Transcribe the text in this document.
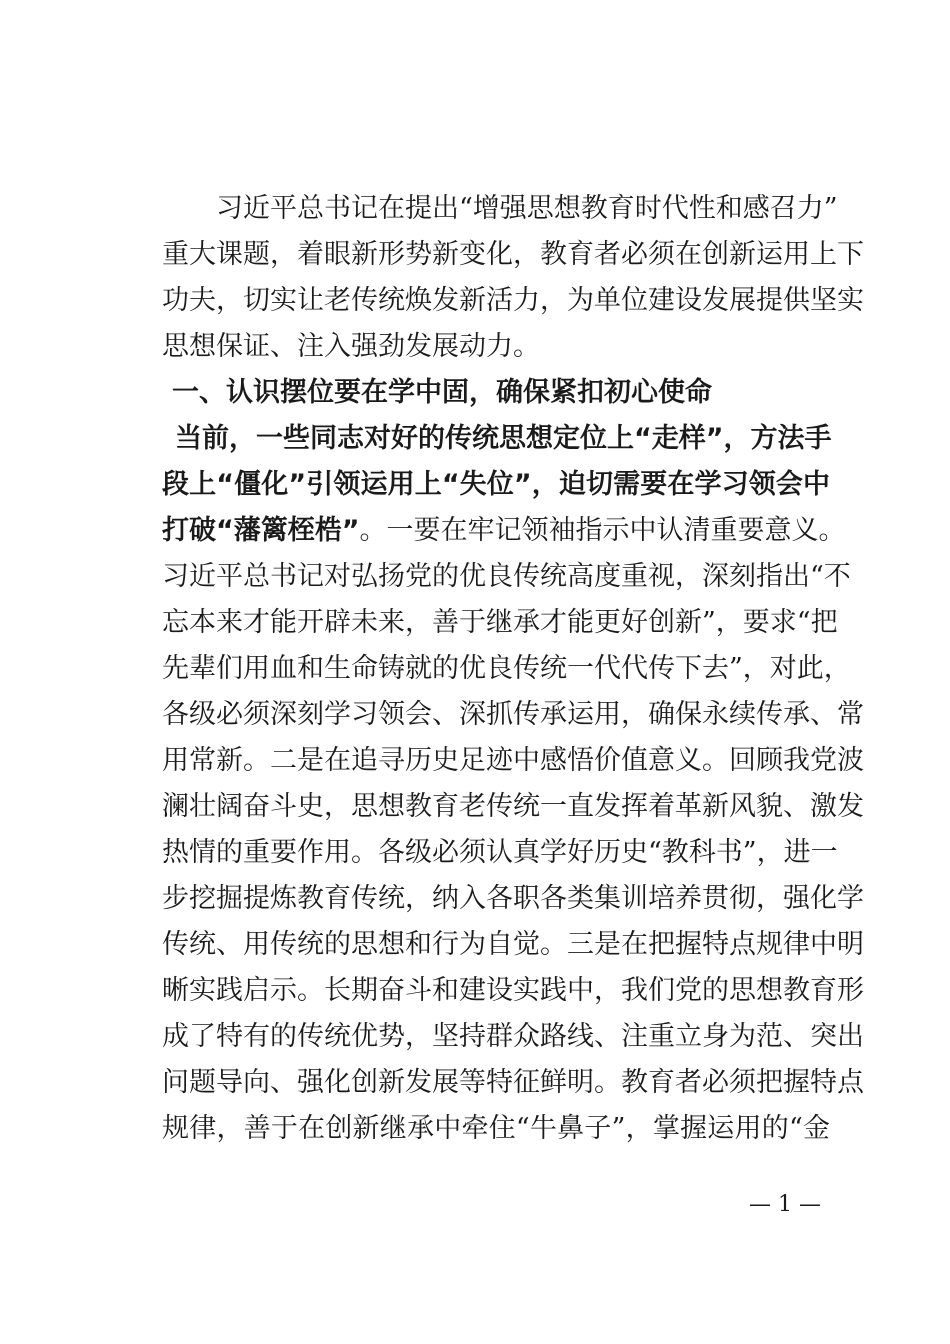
习近平总书记在提出“增强思想教育时代性和感召力”
重大课题，着眼新形势新变化，教育者必须在创新运用上下
功夫，切实让老传统焕发新活力，为单位建设发展提供坚实
思想保证、注入强劲发展动力。
一、认识摆位要在学中固，确保紧扣初心使命
当前，一些同志对好的传统思想定位上“走样”，方法手
段上“僵化”引领运用上“失位”，迫切需要在学习领会中
打破“藩篱桎梏”。一要在牢记领袖指示中认清重要意义。
习近平总书记对弘扬党的优良传统高度重视，深刻指出“不
忘本来才能开辟未来，善于继承才能更好创新”，要求“把
先辈们用血和生命铸就的优良传统一代代传下去”，对此，
各级必须深刻学习领会、深抓传承运用，确保永续传承、常
用常新。二是在追寻历史足迹中感悟价值意义。回顾我党波
澜壮阔奋斗史，思想教育老传统一直发挥着革新风貌、激发
热情的重要作用。各级必须认真学好历史“教科书”，进一
步挖掘提炼教育传统，纳入各职各类集训培养贯彻，强化学
传统、用传统的思想和行为自觉。三是在把握特点规律中明
晰实践启示。长期奋斗和建设实践中，我们党的思想教育形
成了特有的传统优势，坚持群众路线、注重立身为范、突出
问题导向、强化创新发展等特征鲜明。教育者必须把握特点
规律，善于在创新继承中牵住“牛鼻子”，掌握运用的“金
— 1 —
